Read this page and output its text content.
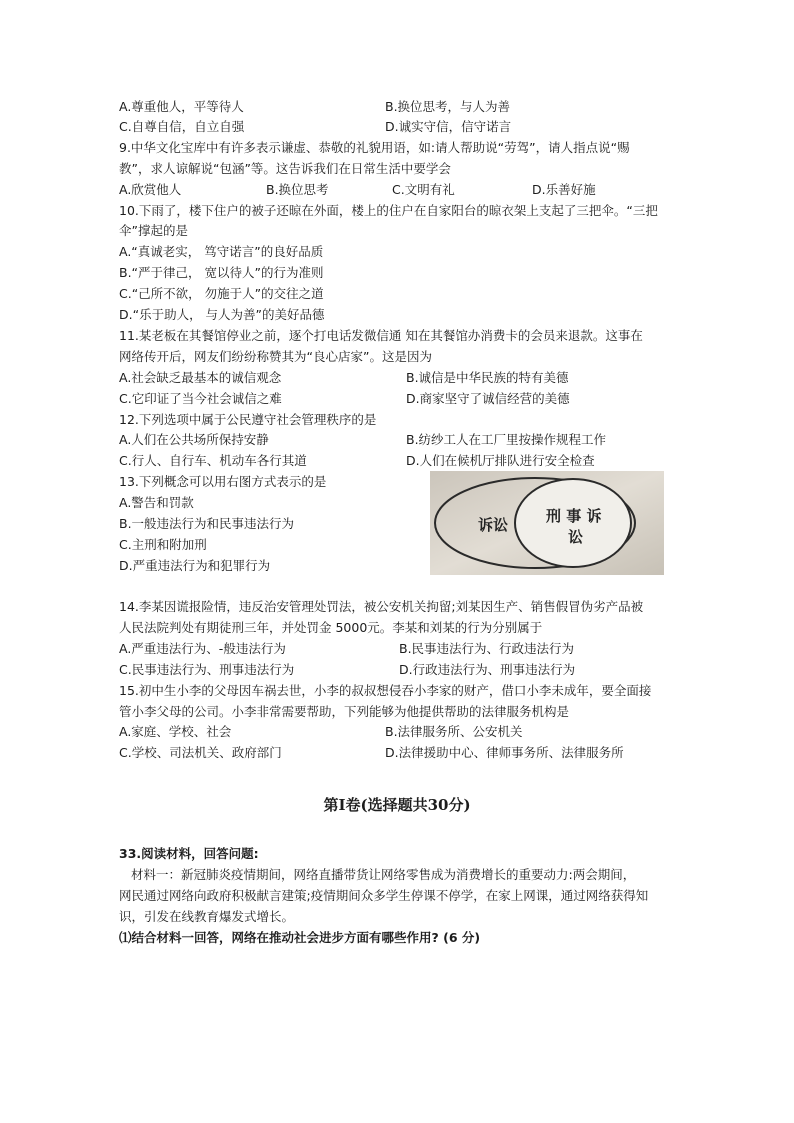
A.尊重他人，平等待人	B.换位思考，与人为善
C.自尊自信，自立自强	D.诚实守信，信守诺言
9.中华文化宝库中有许多表示谦虚、恭敬的礼貌用语，如:请人帮助说“劳驾”，请人指点说“赐
教”，求人谅解说“包涵”等。这告诉我们在日常生活中要学会
A.欣赏他人	B.换位思考	C.文明有礼	D.乐善好施
10.下雨了，楼下住户的被子还晾在外面，楼上的住户在自家阳台的晾衣架上支起了三把伞。“三把
伞”撑起的是
A.“真诚老实， 笃守诺言”的良好品质
B.“严于律己， 宽以待人”的行为准则
C.“己所不欲， 勿施于人”的交往之道
D.“乐于助人， 与人为善”的美好品德
11.某老板在其餐馆停业之前，逐个打电话发微信通 知在其餐馆办消费卡的会员来退款。这事在
网络传开后，网友们纷纷称赞其为“良心店家”。这是因为
A.社会缺乏最基本的诚信观念	B.诚信是中华民族的特有美德
C.它印证了当今社会诚信之难	D.商家坚守了诚信经营的美德
12.下列选项中属于公民遵守社会管理秩序的是
A.人们在公共场所保持安静	B.纺纱工人在工厂里按操作规程工作
C.行人、自行车、机动车各行其道	D.人们在候机厅排队进行安全检查
13.下列概念可以用右图方式表示的是
A.警告和罚款
B.一般违法行为和民事违法行为
C.主刑和附加刑
D.严重违法行为和犯罪行为
诉讼	刑 事 诉
讼
14.李某因谎报险情，违反治安管理处罚法，被公安机关拘留;刘某因生产、销售假冒伪劣产品被
人民法院判处有期徒刑三年，并处罚金 5000元。李某和刘某的行为分别属于
A.严重违法行为、-般违法行为	B.民事违法行为、行政违法行为
C.民事违法行为、刑事违法行为	D.行政违法行为、刑事违法行为
15.初中生小李的父母因车祸去世，小李的叔叔想侵吞小李家的财产，借口小李未成年，要全面接
管小李父母的公司。小李非常需要帮助，下列能够为他提供帮助的法律服务机构是
A.家庭、学校、社会	B.法律服务所、公安机关
C.学校、司法机关、政府部门	D.法律援助中心、律师事务所、法律服务所
第Ⅰ卷(选择题共30分)
33.阅读材料，回答问题:
材料一：新冠肺炎疫情期间，网络直播带货让网络零售成为消费增长的重要动力:两会期间，
网民通过网络向政府积极献言建策;疫情期间众多学生停课不停学，在家上网课，通过网络获得知
识，引发在线教育爆发式增长。
⑴结合材料一回答，网络在推动社会进步方面有哪些作用? (6 分)
